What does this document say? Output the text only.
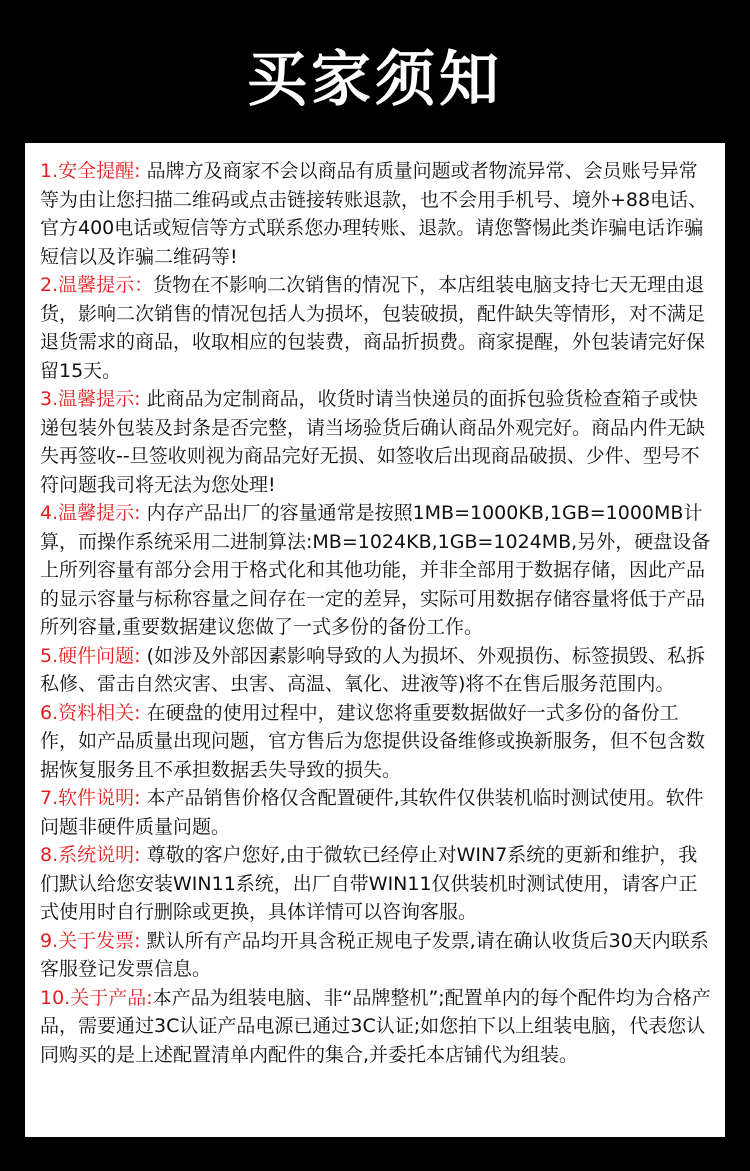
买家须知
1.安全提醒: 品牌方及商家不会以商品有质量问题或者物流异常、会员账号异常等为由让您扫描二维码或点击链接转账退款，也不会用手机号、境外+88电话、官方400电话或短信等方式联系您办理转账、退款。请您警惕此类诈骗电话诈骗短信以及诈骗二维码等!
2.温馨提示：货物在不影响二次销售的情况下，本店组装电脑支持七天无理由退货，影响二次销售的情况包括人为损坏，包装破损，配件缺失等情形，对不满足退货需求的商品，收取相应的包装费，商品折损费。商家提醒，外包装请完好保留15天。
3.温馨提示: 此商品为定制商品，收货时请当快递员的面拆包验货检查箱子或快递包装外包装及封条是否完整，请当场验货后确认商品外观完好。商品内件无缺失再签收--旦签收则视为商品完好无损、如签收后出现商品破损、少件、型号不符问题我司将无法为您处理!
4.温馨提示: 内存产品出厂的容量通常是按照1MB=1000KB,1GB=1000MB计算，而操作系统采用二进制算法:MB=1024KB,1GB=1024MB,另外，硬盘设备上所列容量有部分会用于格式化和其他功能，并非全部用于数据存储，因此产品的显示容量与标称容量之间存在一定的差异，实际可用数据存储容量将低于产品所列容量,重要数据建议您做了一式多份的备份工作。
5.硬件问题: (如涉及外部因素影响导致的人为损坏、外观损伤、标签损毁、私拆私修、雷击自然灾害、虫害、高温、氧化、进液等)将不在售后服务范围内。
6.资料相关: 在硬盘的使用过程中，建议您将重要数据做好一式多份的备份工作，如产品质量出现问题，官方售后为您提供设备维修或换新服务，但不包含数据恢复服务且不承担数据丢失导致的损失。
7.软件说明: 本产品销售价格仅含配置硬件,其软件仅供装机临时测试使用。软件问题非硬件质量问题。
8.系统说明: 尊敬的客户您好,由于微软已经停止对WIN7系统的更新和维护，我们默认给您安装WIN11系统，出厂自带WIN11仅供装机时测试使用，请客户正式使用时自行删除或更换，具体详情可以咨询客服。
9.关于发票: 默认所有产品均开具含税正规电子发票,请在确认收货后30天内联系客服登记发票信息。
10.关于产品:本产品为组装电脑、非“品牌整机”;配置单内的每个配件均为合格产品，需要通过3C认证产品电源已通过3C认证;如您拍下以上组装电脑，代表您认同购买的是上述配置清单内配件的集合,并委托本店铺代为组装。
